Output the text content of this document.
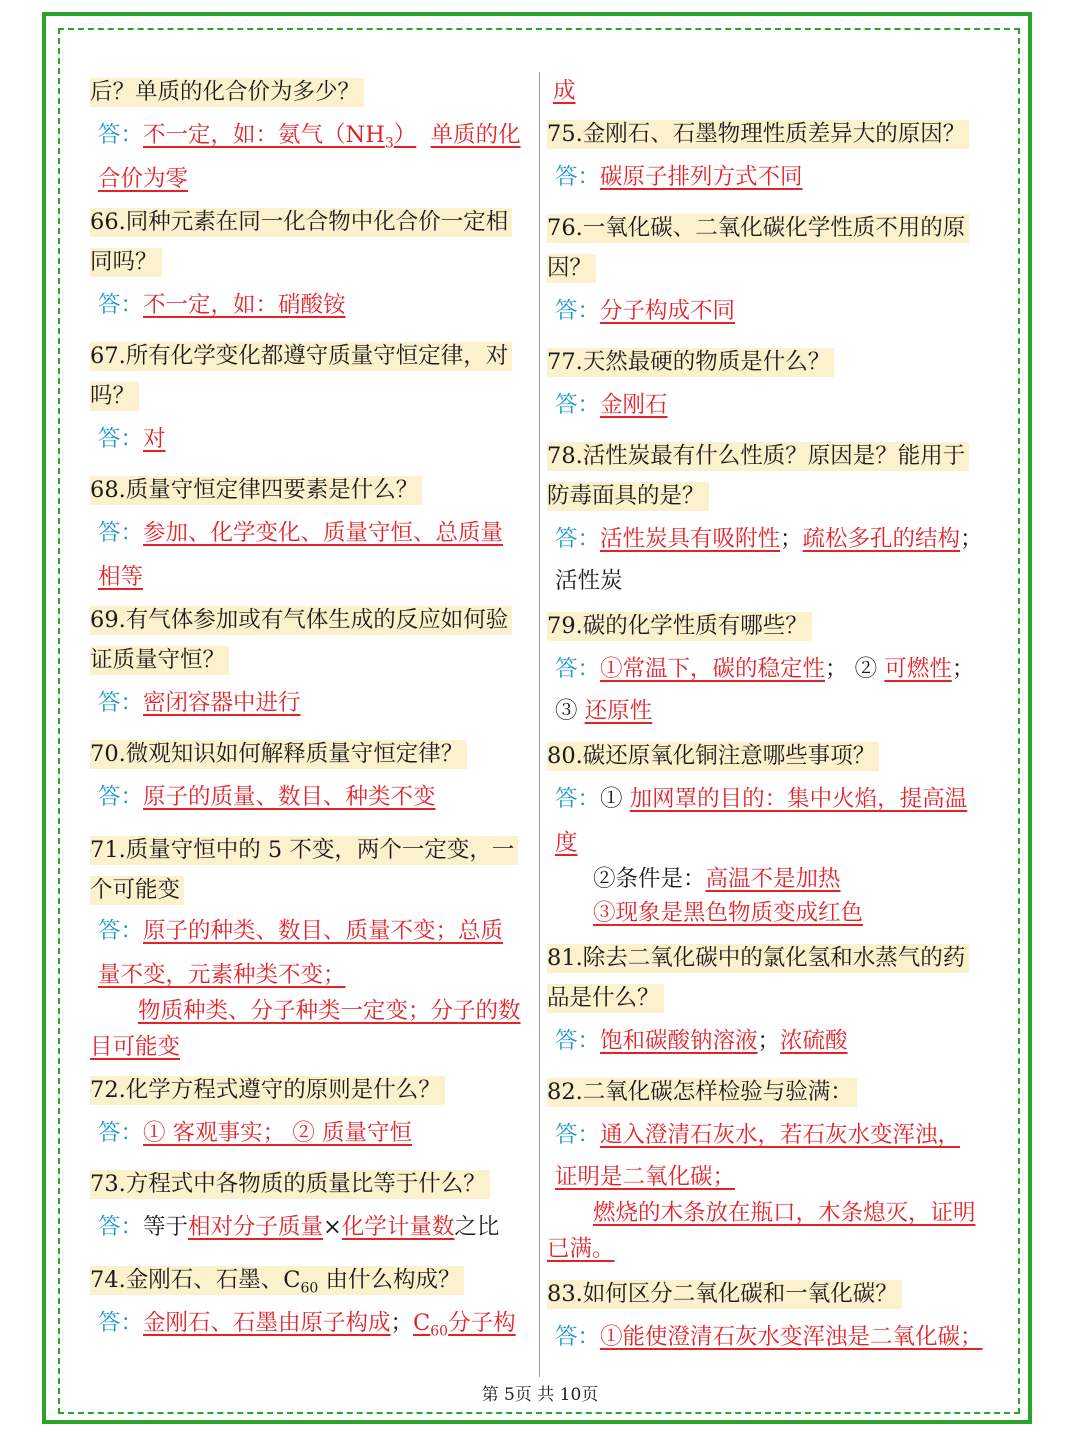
后？单质的化合价为多少？
答：不一定，如：氨气$(NH_3)$ 单质的化
合价为零
66.同种元素在同一化合物中化合价一定相
同吗？
答：不一定，如：硝酸铵
67.所有化学变化都遵守质量守恒定律，对
吗？
答：对
68.质量守恒定律四要素是什么？
答：参加、化学变化、质量守恒、总质量
相等
69.有气体参加或有气体生成的反应如何验
证质量守恒？
答：密闭容器中进行
70.微观知识如何解释质量守恒定律？
答：原子的质量、数目、种类不变
71.质量守恒中的 5 不变，两个一定变，一
个可能变
答：原子的种类、数目、质量不变；总质
量不变，元素种类不变；
物质种类、分子种类一定变；分子的数
目可能变
72.化学方程式遵守的原则是什么？
答：① 客观事实； ② 质量守恒
73.方程式中各物质的质量比等于什么？
答：等于相对分子质量×化学计量数之比
74.金刚石、石墨、$C_{60}$ 由什么构成？
答：金刚石、石墨由原子构成；$C_{60}$分子构
成
75.金刚石、石墨物理性质差异大的原因？
答：碳原子排列方式不同
76.一氧化碳、二氧化碳化学性质不用的原
因？
答：分子构成不同
77.天然最硬的物质是什么？
答：金刚石
78.活性炭最有什么性质？原因是？能用于
防毒面具的是？
答：活性炭具有吸附性；疏松多孔的结构；
活性炭
79.碳的化学性质有哪些？
答：①常温下，碳的稳定性； ② 可燃性；
③ 还原性
80.碳还原氧化铜注意哪些事项？
答：① 加网罩的目的：集中火焰，提高温
度
②条件是：高温不是加热
③现象是黑色物质变成红色
81.除去二氧化碳中的氯化氢和水蒸气的药
品是什么？
答：饱和碳酸钠溶液；浓硫酸
82.二氧化碳怎样检验与验满：
答：通入澄清石灰水，若石灰水变浑浊，
证明是二氧化碳；
燃烧的木条放在瓶口，木条熄灭，证明
已满。
83.如何区分二氧化碳和一氧化碳？
答：①能使澄清石灰水变浑浊是二氧化碳；
第 5页 共 10页
